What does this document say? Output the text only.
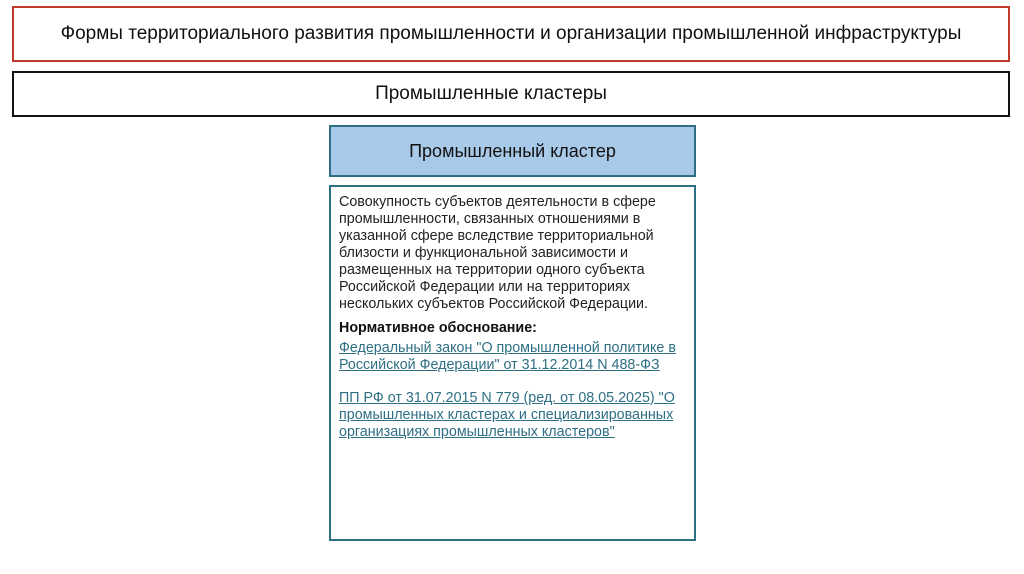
Формы территориального развития промышленности и организации промышленной инфраструктуры
Промышленные кластеры
Промышленный кластер

Совокупность субъектов деятельности в сфере промышленности, связанных отношениями в указанной сфере вследствие территориальной близости и функциональной зависимости и размещенных на территории одного субъекта Российской Федерации или на территориях нескольких субъектов Российской Федерации.

Нормативное обоснование:

Федеральный закон "О промышленной политике в Российской Федерации" от 31.12.2014 N 488-ФЗ
ПП РФ от 31.07.2015 N 779 (ред. от 08.05.2025) "О промышленных кластерах и специализированных организациях промышленных кластеров"
